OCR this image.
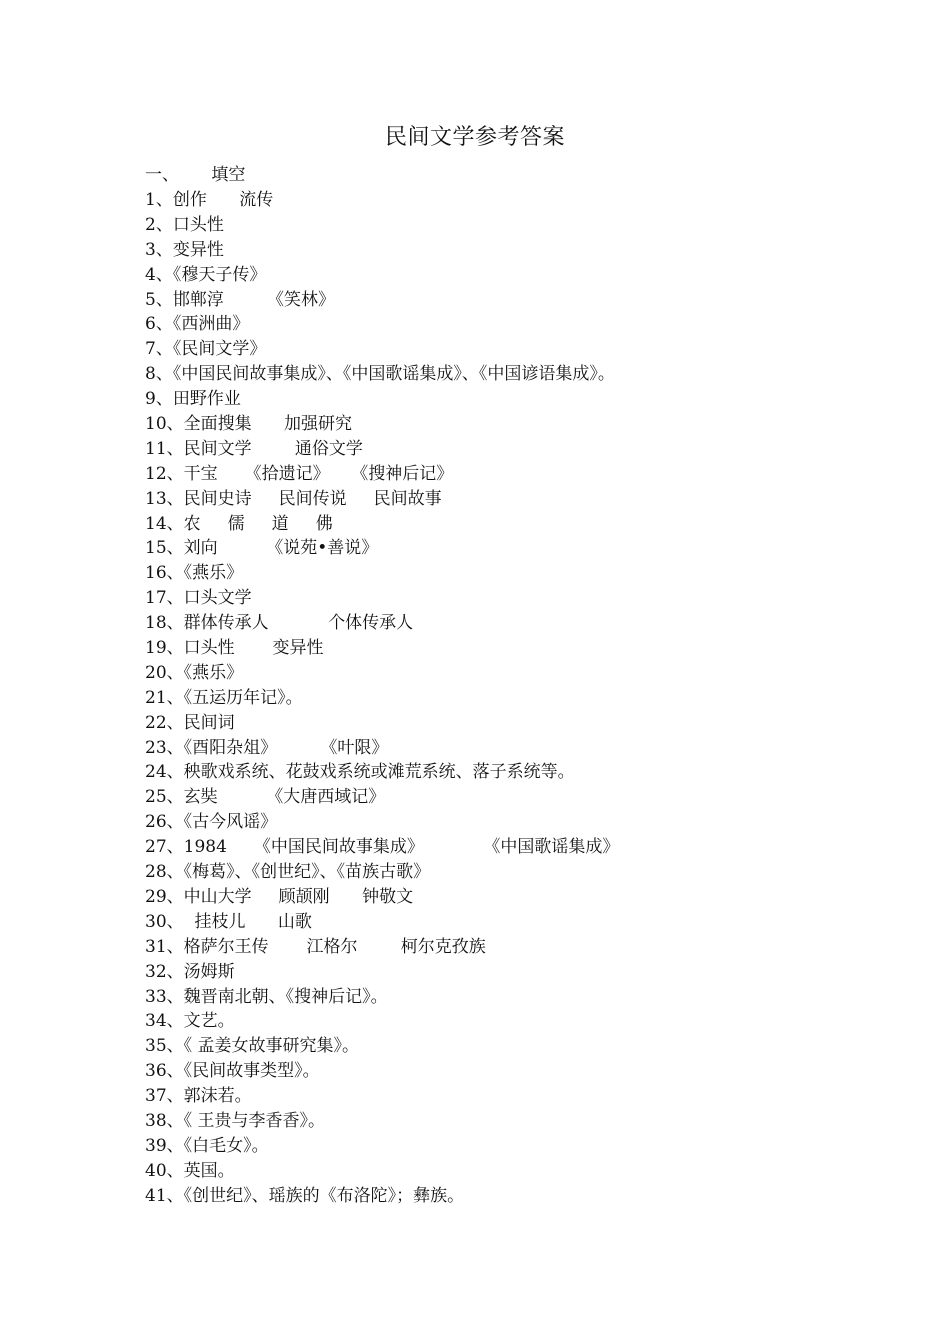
民间文学参考答案
一、      填空
1、创作      流传
2、口头性
3、变异性
4、《穆天子传》
5、邯郸淳        《笑林》
6、《西洲曲》
7、《民间文学》
8、《中国民间故事集成》、《中国歌谣集成》、《中国谚语集成》。
9、田野作业
10、全面搜集      加强研究
11、民间文学        通俗文学
12、干宝     《拾遗记》    《搜神后记》
13、民间史诗     民间传说     民间故事
14、农     儒     道     佛
15、刘向         《说苑•善说》
16、《燕乐》
17、口头文学
18、群体传承人           个体传承人
19、口头性       变异性
20、《燕乐》
21、《五运历年记》。
22、民间词
23、《酉阳杂俎》        《叶限》
24、秧歌戏系统、花鼓戏系统或滩荒系统、落子系统等。
25、玄奘         《大唐西域记》
26、《古今风谣》
27、1984     《中国民间故事集成》           《中国歌谣集成》
28、《梅葛》、《创世纪》、《苗族古歌》
29、中山大学     顾颉刚      钟敬文
30、  挂枝儿      山歌
31、格萨尔王传       江格尔        柯尔克孜族
32、汤姆斯
33、魏晋南北朝、《搜神后记》。
34、文艺。
35、《 孟姜女故事研究集》。
36、《民间故事类型》。
37、郭沫若。
38、《 王贵与李香香》。
39、《白毛女》。
40、英国。
41、《创世纪》、瑶族的《布洛陀》；彝族。
